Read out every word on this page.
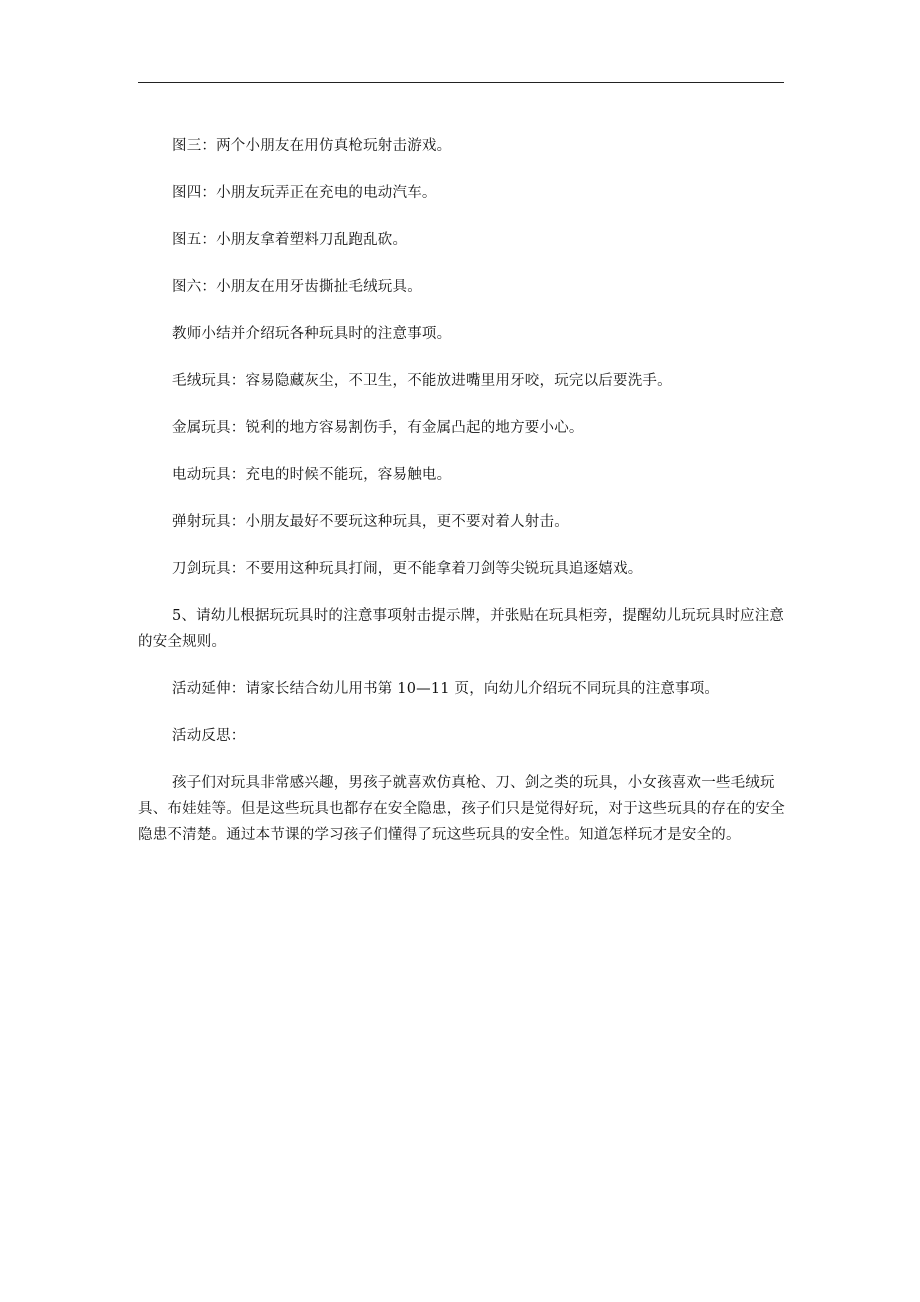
图三：两个小朋友在用仿真枪玩射击游戏。

图四：小朋友玩弄正在充电的电动汽车。

图五：小朋友拿着塑料刀乱跑乱砍。

图六：小朋友在用牙齿撕扯毛绒玩具。

教师小结并介绍玩各种玩具时的注意事项。

毛绒玩具：容易隐藏灰尘，不卫生，不能放进嘴里用牙咬，玩完以后要洗手。

金属玩具：锐利的地方容易割伤手，有金属凸起的地方要小心。

电动玩具：充电的时候不能玩，容易触电。

弹射玩具：小朋友最好不要玩这种玩具，更不要对着人射击。

刀剑玩具：不要用这种玩具打闹，更不能拿着刀剑等尖锐玩具追逐嬉戏。

5、请幼儿根据玩玩具时的注意事项射击提示牌，并张贴在玩具柜旁，提醒幼儿玩玩具时应注意的安全规则。

活动延伸：请家长结合幼儿用书第 10—11 页，向幼儿介绍玩不同玩具的注意事项。

活动反思：

孩子们对玩具非常感兴趣，男孩子就喜欢仿真枪、刀、剑之类的玩具，小女孩喜欢一些毛绒玩具、布娃娃等。但是这些玩具也都存在安全隐患，孩子们只是觉得好玩，对于这些玩具的存在的安全隐患不清楚。通过本节课的学习孩子们懂得了玩这些玩具的安全性。知道怎样玩才是安全的。
